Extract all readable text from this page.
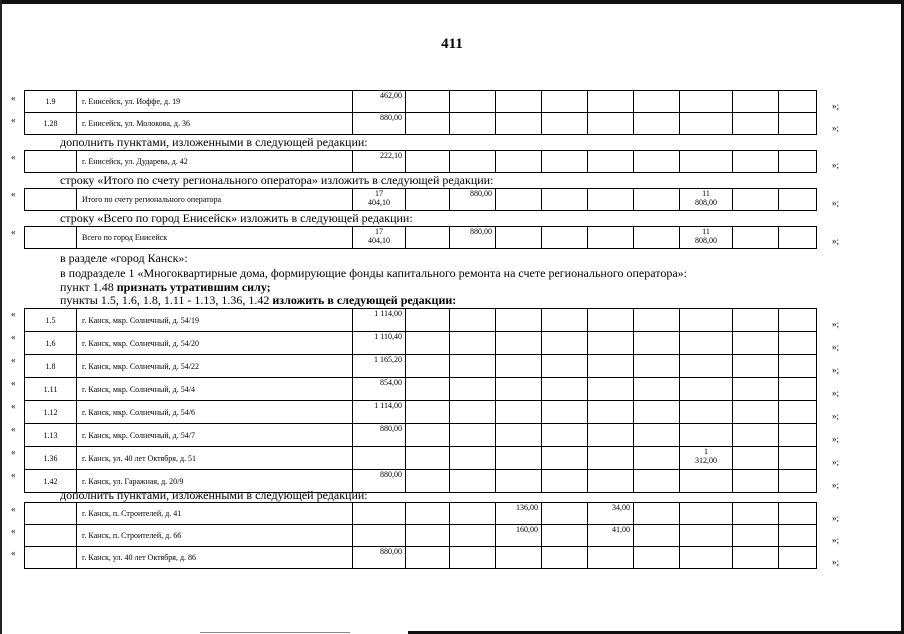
411
1.9	г. Енисейск, ул. Иоффе, д. 19	462,00									
1.28	г. Енисейск, ул. Молокова, д. 36	880,00									
«
«
»;
»;
дополнить пунктами, изложенными в следующей редакции:
	г. Енисейск, ул. Дударева, д. 42	222,10									
«
»;
строку «Итого по счету регионального оператора» изложить в следующей редакции:
	Итого по счету регионального оператора	17
404,10		880,00					11
808,00		
«
»;
строку «Всего по город Енисейск» изложить в следующей редакции:
	Всего по город Енисейск	17
404,10		880,00					11
808,00		
«
»;
в разделе «город Канск»:
в подразделе 1 «Многоквартирные дома, формирующие фонды капитального ремонта на счете регионального оператора»:
пункт 1.48 признать утратившим силу;
пункты 1.5, 1.6, 1.8, 1.11 - 1.13, 1.36, 1.42 изложить в следующей редакции:
1.5	г. Канск, мкр. Солнечный, д. 54/19	1 114,00									
1.6	г. Канск, мкр. Солнечный, д. 54/20	1 110,40									
1.8	г. Канск, мкр. Солнечный, д. 54/22	1 165,20									
1.11	г. Канск, мкр. Солнечный, д. 54/4	854,00									
1.12	г. Канск, мкр. Солнечный, д. 54/6	1 114,00									
1.13	г. Канск, мкр. Солнечный, д. 54/7	880,00									
1.36	г. Канск, ул. 40 лет Октября, д. 51								1
312,00		
1.42	г. Канск, ул. Гаражная, д. 20/9	880,00									
«
«
«
«
«
«
«
«
»;
»;
»;
»;
»;
»;
»;
»;
дополнить пунктами, изложенными в следующей редакции:
	г. Канск, п. Строителей, д. 41				136,00		34,00				
	г. Канск, п. Строителей, д. 66				160,00		41,00				
	г. Канск, ул. 40 лет Октября, д. 86	880,00									
«
«
«
»;
»;
»;
